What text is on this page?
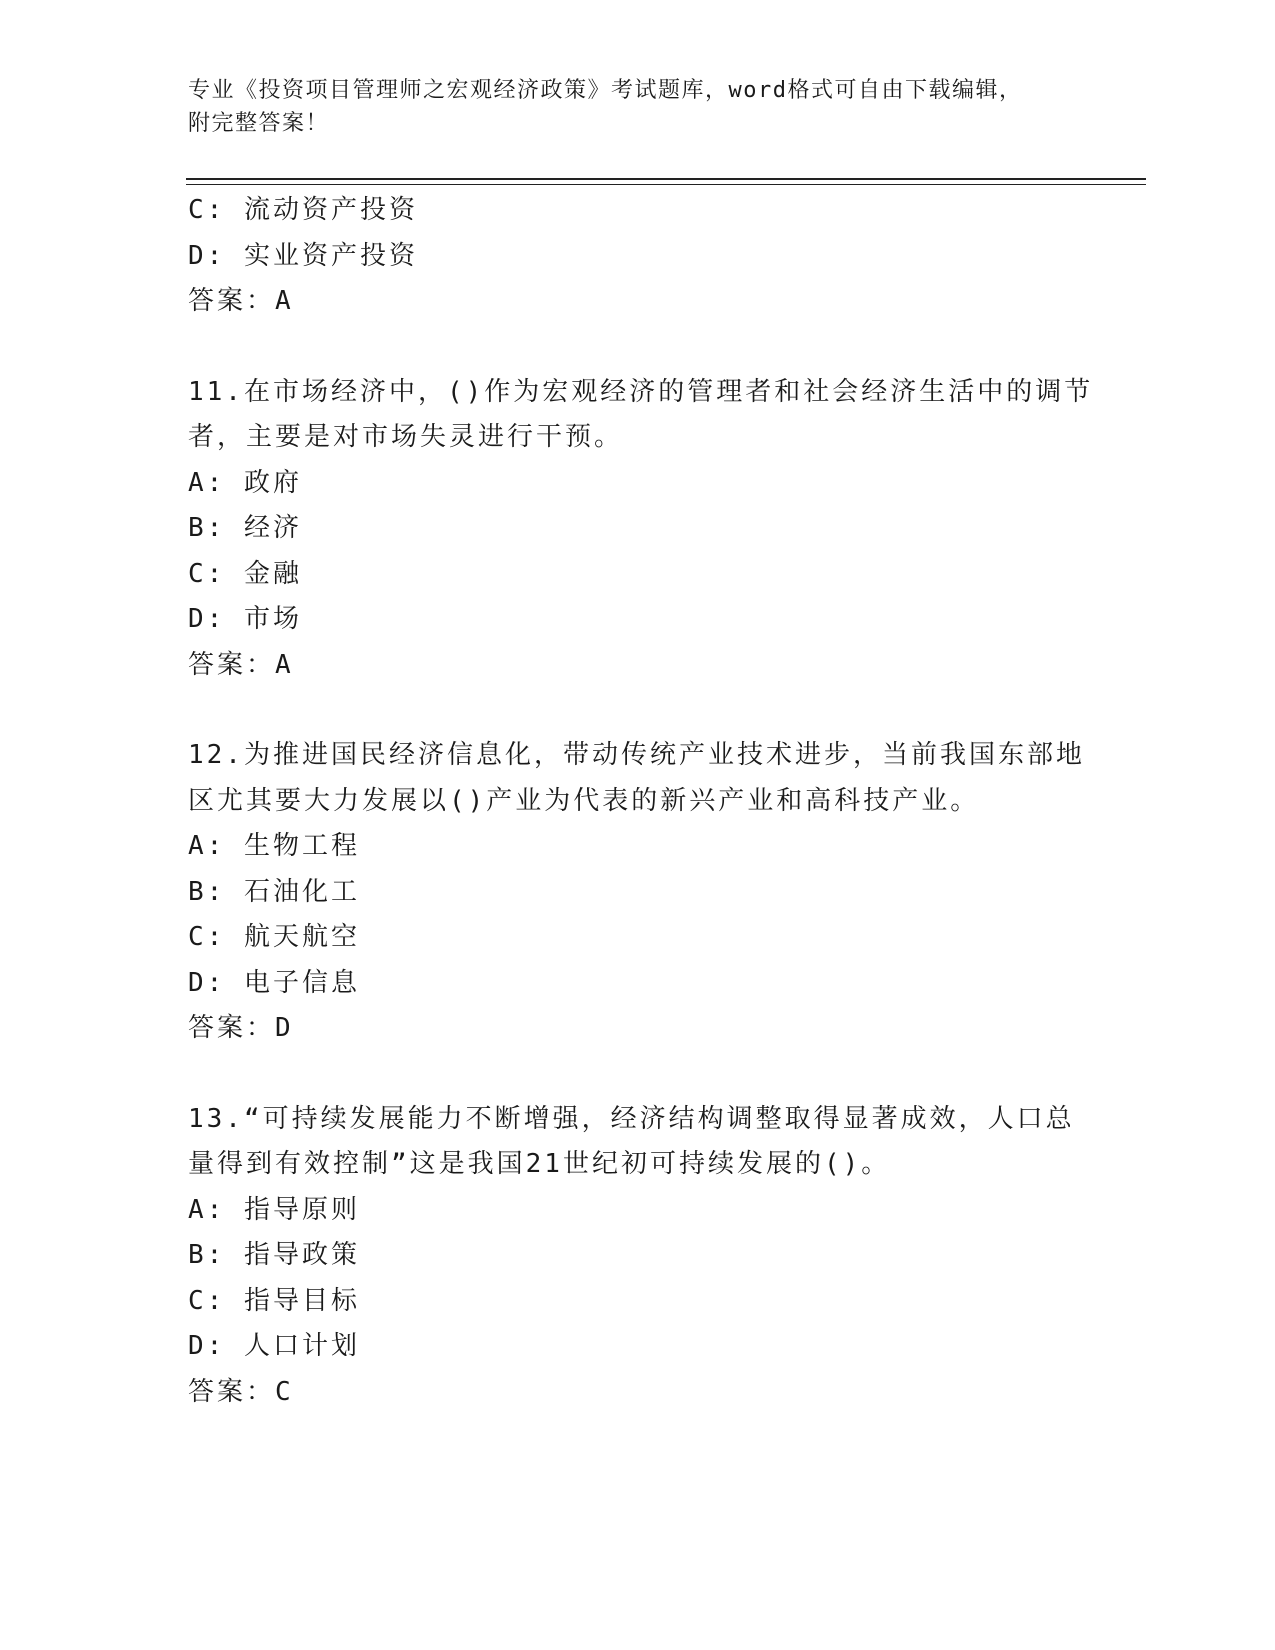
专业《投资项目管理师之宏观经济政策》考试题库，word格式可自由下载编辑，
附完整答案！
C: 流动资产投资
D: 实业资产投资
答案：A
11.在市场经济中，()作为宏观经济的管理者和社会经济生活中的调节
者，主要是对市场失灵进行干预。
A: 政府
B: 经济
C: 金融
D: 市场
答案：A
12.为推进国民经济信息化，带动传统产业技术进步，当前我国东部地
区尤其要大力发展以()产业为代表的新兴产业和高科技产业。
A: 生物工程
B: 石油化工
C: 航天航空
D: 电子信息
答案：D
13.“可持续发展能力不断增强，经济结构调整取得显著成效，人口总
量得到有效控制”这是我国21世纪初可持续发展的()。
A: 指导原则
B: 指导政策
C: 指导目标
D: 人口计划
答案：C
